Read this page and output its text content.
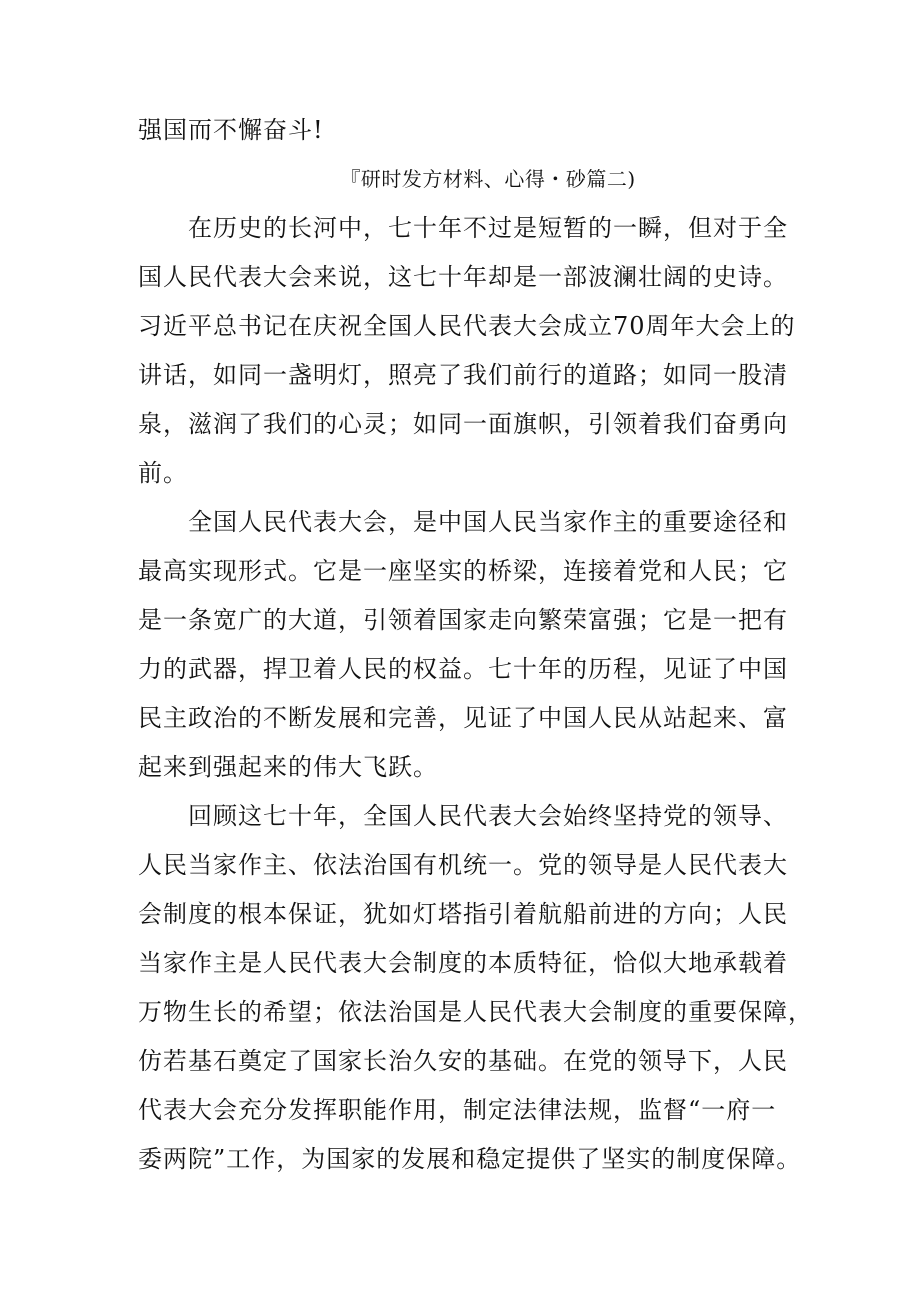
强国而不懈奋斗!
『研时发方材料、心得・砂篇二)
在历史的长河中，七十年不过是短暂的一瞬，但对于全
国人民代表大会来说，这七十年却是一部波澜壮阔的史诗。
习近平总书记在庆祝全国人民代表大会成立70周年大会上的
讲话，如同一盏明灯，照亮了我们前行的道路；如同一股清
泉，滋润了我们的心灵；如同一面旗帜，引领着我们奋勇向
前。
全国人民代表大会，是中国人民当家作主的重要途径和
最高实现形式。它是一座坚实的桥梁，连接着党和人民；它
是一条宽广的大道，引领着国家走向繁荣富强；它是一把有
力的武器，捍卫着人民的权益。七十年的历程，见证了中国
民主政治的不断发展和完善，见证了中国人民从站起来、富
起来到强起来的伟大飞跃。
回顾这七十年，全国人民代表大会始终坚持党的领导、
人民当家作主、依法治国有机统一。党的领导是人民代表大
会制度的根本保证，犹如灯塔指引着航船前进的方向；人民
当家作主是人民代表大会制度的本质特征，恰似大地承载着
万物生长的希望；依法治国是人民代表大会制度的重要保障，
仿若基石奠定了国家长治久安的基础。在党的领导下，人民
代表大会充分发挥职能作用，制定法律法规，监督“一府一
委两院”工作，为国家的发展和稳定提供了坚实的制度保障。
